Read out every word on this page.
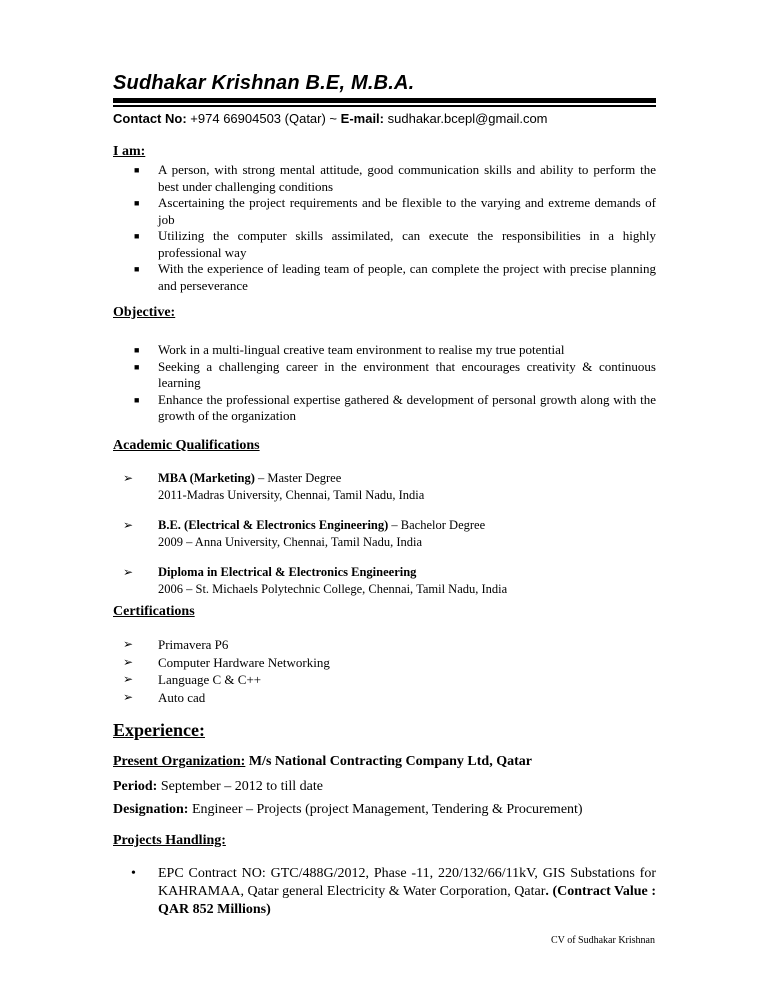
Sudhakar Krishnan B.E, M.B.A.
Contact No: +974 66904503 (Qatar) ~ E-mail: sudhakar.bcepl@gmail.com
I am:
■ A person, with strong mental attitude, good communication skills and ability to perform the best under challenging conditions
■ Ascertaining the project requirements and be flexible to the varying and extreme demands of job
■ Utilizing the computer skills assimilated, can execute the responsibilities in a highly professional way
■ With the experience of leading team of people, can complete the project with precise planning and perseverance
Objective:
■ Work in a multi-lingual creative team environment to realise my true potential
■ Seeking a challenging career in the environment that encourages creativity & continuous learning
■ Enhance the professional expertise gathered & development of personal growth along with the growth of the organization
Academic Qualifications
➢ MBA (Marketing) – Master Degree
2011-Madras University, Chennai, Tamil Nadu, India
➢ B.E. (Electrical & Electronics Engineering) – Bachelor Degree
2009 – Anna University, Chennai, Tamil Nadu, India
➢ Diploma in Electrical & Electronics Engineering
2006 – St. Michaels Polytechnic College, Chennai, Tamil Nadu, India
Certifications
➢ Primavera P6
➢ Computer Hardware Networking
➢ Language C & C++
➢ Auto cad
Experience:
Present Organization: M/s National Contracting Company Ltd, Qatar
Period: September – 2012 to till date
Designation: Engineer – Projects (project Management, Tendering & Procurement)
Projects Handling:
• EPC Contract NO: GTC/488G/2012, Phase -11, 220/132/66/11kV, GIS Substations for KAHRAMAA, Qatar general Electricity & Water Corporation, Qatar. (Contract Value : QAR 852 Millions)
CV of Sudhakar Krishnan
